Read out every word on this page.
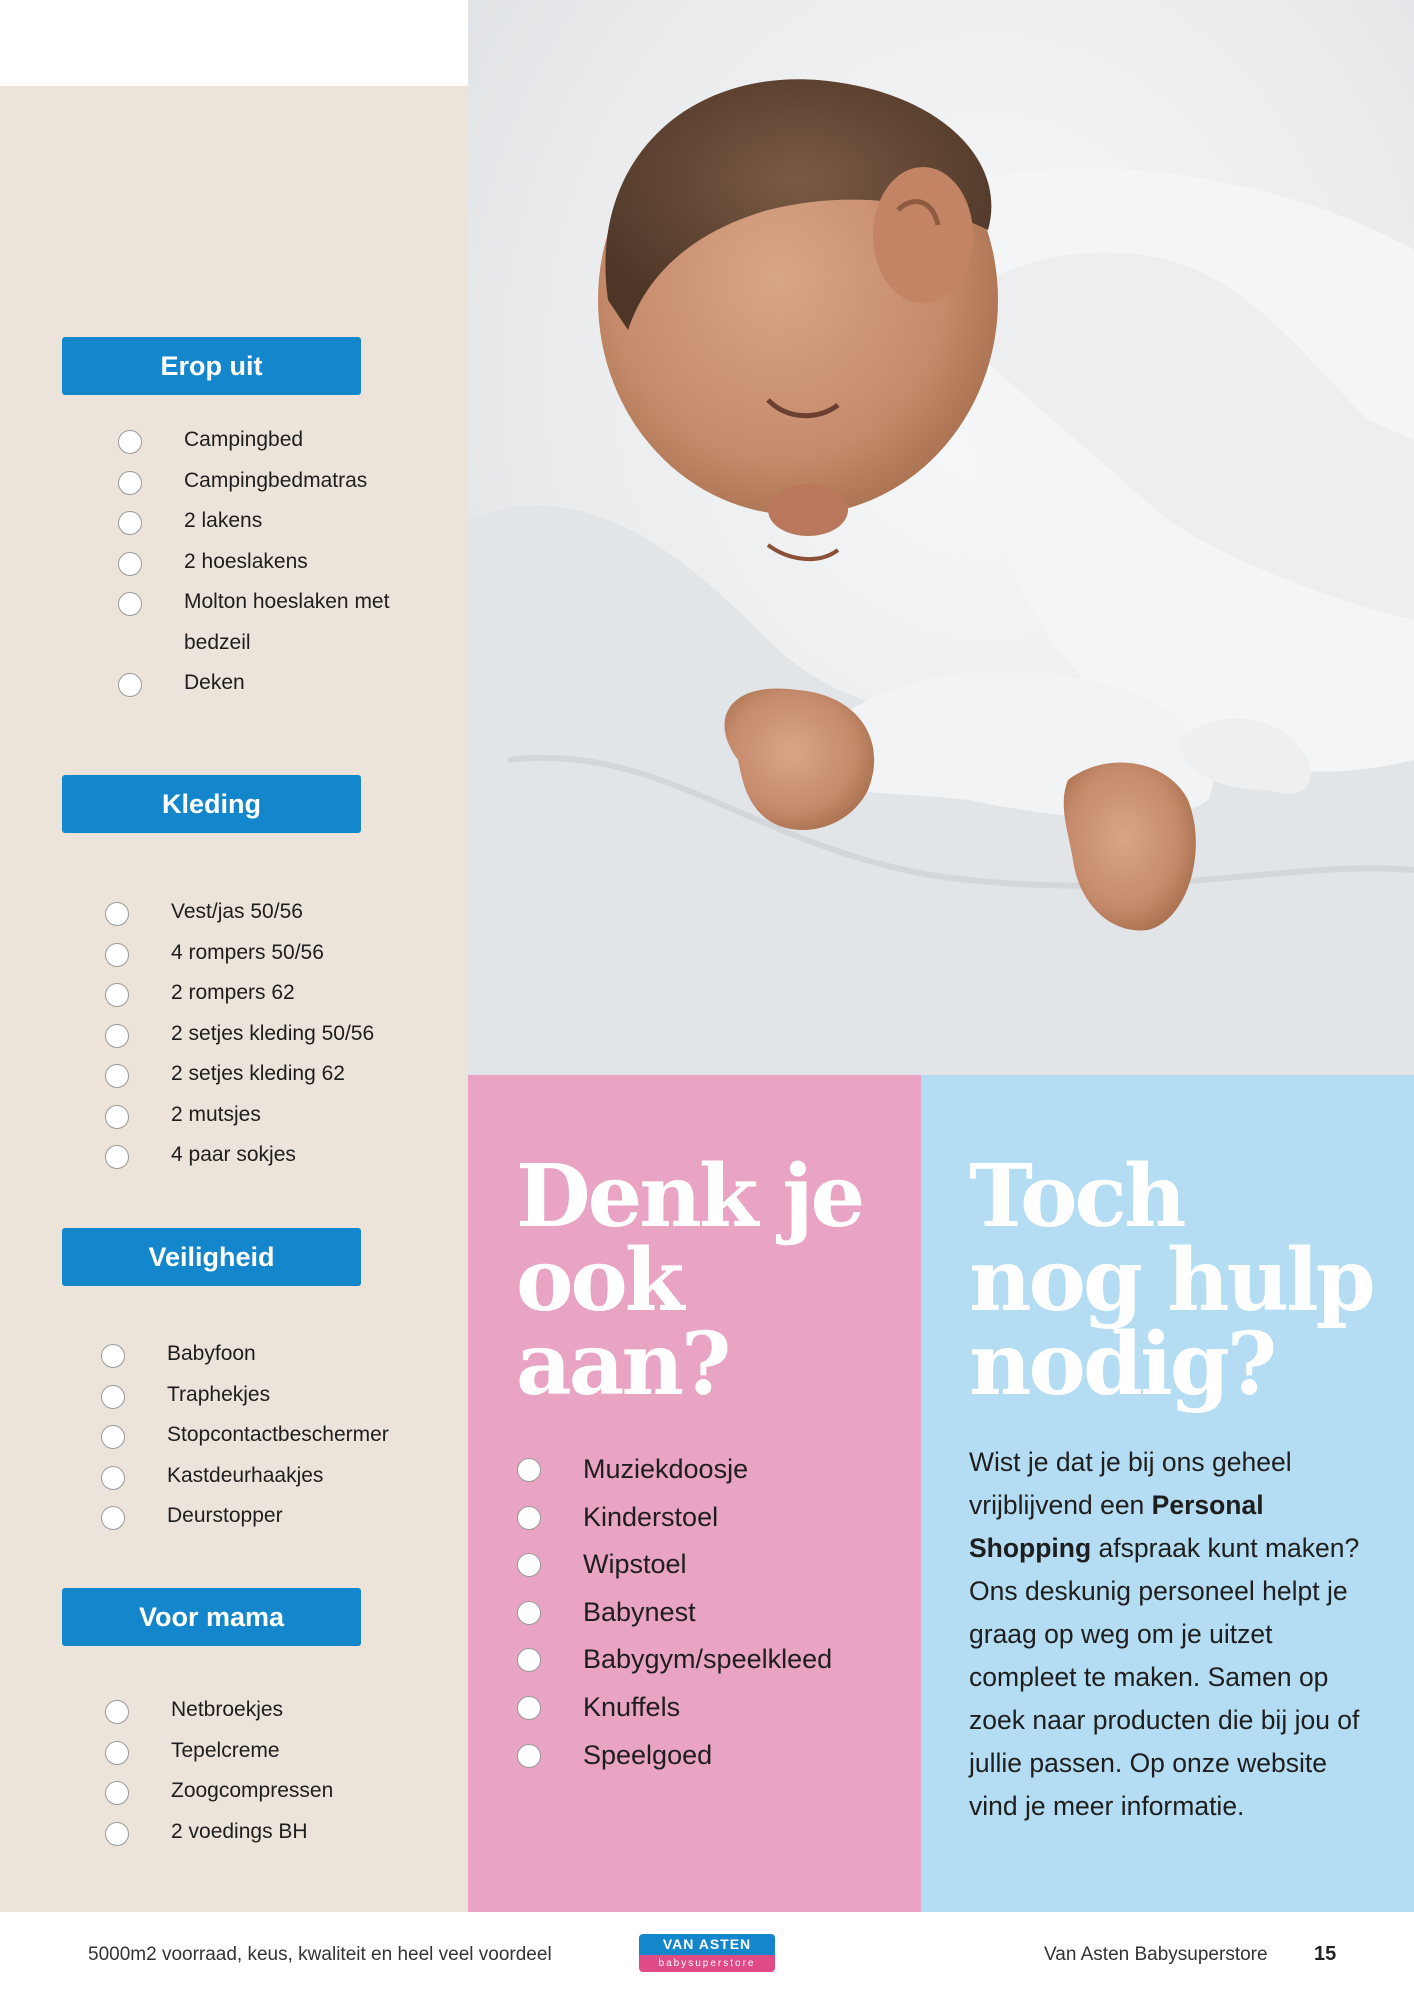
Erop uit
Campingbed
Campingbedmatras
2 lakens
2 hoeslakens
Molton hoeslaken met
bedzeil
Deken
Kleding
Vest/jas 50/56
4 rompers 50/56
2 rompers 62
2 setjes kleding 50/56
2 setjes kleding 62
2 mutsjes
4 paar sokjes
Veiligheid
Babyfoon
Traphekjes
Stopcontactbeschermer
Kastdeurhaakjes
Deurstopper
Voor mama
Netbroekjes
Tepelcreme
Zoogcompressen
2 voedings BH
Denk je
ook
aan?
Muziekdoosje
Kinderstoel
Wipstoel
Babynest
Babygym/speelkleed
Knuffels
Speelgoed
Toch
nog hulp
nodig?

Wist je dat je bij ons geheel vrijblijvend een Personal Shopping afspraak kunt maken? Ons deskunig personeel helpt je graag op weg om je uitzet compleet te maken. Samen op zoek naar producten die bij jou of jullie passen. Op onze website vind je meer informatie.

5000m2 voorraad, keus, kwaliteit en heel veel voordeel	VAN ASTEN
babysuperstore	Van Asten Babysuperstore 15
